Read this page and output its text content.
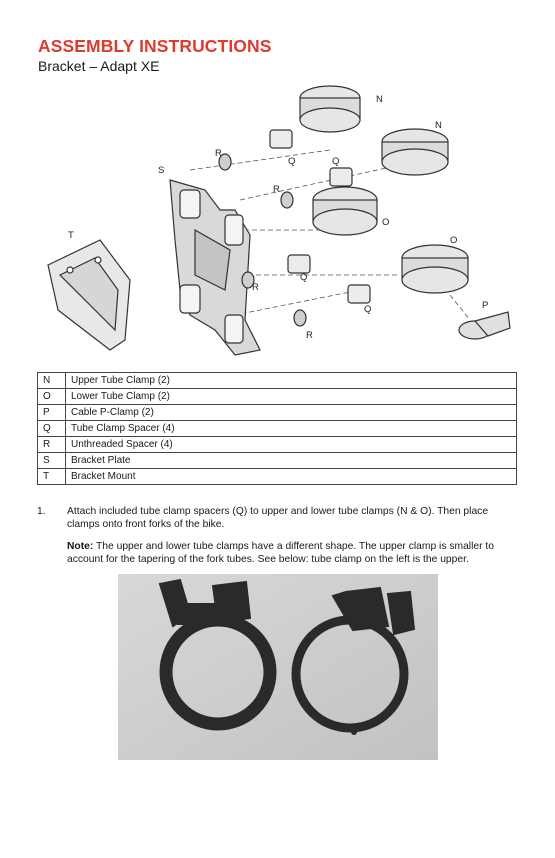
ASSEMBLY INSTRUCTIONS
Bracket – Adapt XE
N
N
R
Q	Q
S
R
O
O
T
Q
R
Q	P
R
N	Upper Tube Clamp (2)
O	Lower Tube Clamp (2)
P	Cable P-Clamp (2)
Q	Tube Clamp Spacer (4)
R	Unthreaded Spacer (4)
S	Bracket Plate
T	Bracket Mount
1. Attach included tube clamp spacers (Q) to upper and lower tube clamps (N & O). Then place clamps onto front forks of the bike.
Note: The upper and lower tube clamps have a different shape. The upper clamp is smaller to account for the tapering of the fork tubes. See below: tube clamp on the left is the upper.
